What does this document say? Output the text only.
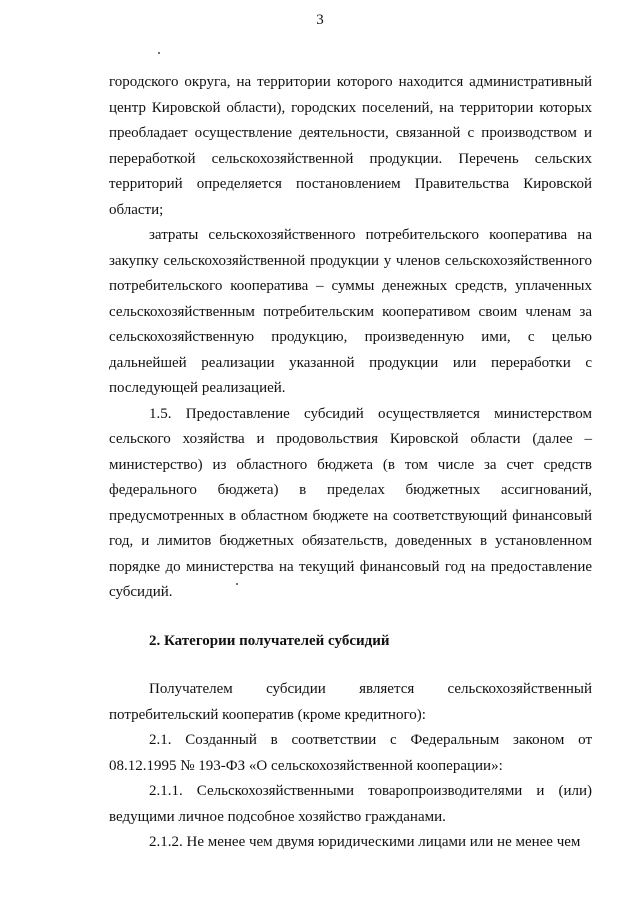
3

городского округа, на территории которого находится административный центр Кировской области), городских поселений, на территории которых преобладает осуществление деятельности, связанной с производством и переработкой сельскохозяйственной продукции. Перечень сельских территорий определяется постановлением Правительства Кировской области;

затраты сельскохозяйственного потребительского кооператива на закупку сельскохозяйственной продукции у членов сельскохозяйственного потребительского кооператива – суммы денежных средств, уплаченных сельскохозяйственным потребительским кооперативом своим членам за сельскохозяйственную продукцию, произведенную ими, с целью дальнейшей реализации указанной продукции или переработки с последующей реализацией.

1.5. Предоставление субсидий осуществляется министерством сельского хозяйства и продовольствия Кировской области (далее – министерство) из областного бюджета (в том числе за счет средств федерального бюджета) в пределах бюджетных ассигнований, предусмотренных в областном бюджете на соответствующий финансовый год, и лимитов бюджетных обязательств, доведенных в установленном порядке до министерства на текущий финансовый год на предоставление субсидий.

2. Категории получателей субсидий

Получателем субсидии является сельскохозяйственный потребительский кооператив (кроме кредитного):

2.1. Созданный в соответствии с Федеральным законом от 08.12.1995 № 193-ФЗ «О сельскохозяйственной кооперации»:

2.1.1. Сельскохозяйственными товаропроизводителями и (или) ведущими личное подсобное хозяйство гражданами.

2.1.2. Не менее чем двумя юридическими лицами или не менее чем
